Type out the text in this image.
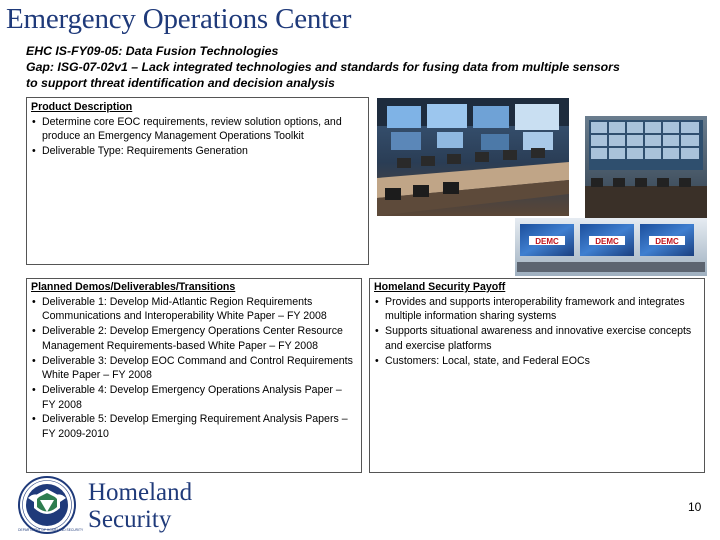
Emergency Operations Center
EHC IS-FY09-05: Data Fusion Technologies
Gap: ISG-07-02v1 – Lack integrated technologies and standards for fusing data from multiple sensors
to support threat identification and decision analysis
Product Description
• Determine core EOC requirements, review solution options, and produce an Emergency Management Operations Toolkit
• Deliverable Type: Requirements Generation
DEMC	DEMC	DEMC
Planned Demos/Deliverables/Transitions
• Deliverable 1: Develop Mid-Atlantic Region Requirements Communications and Interoperability White Paper – FY 2008
• Deliverable 2: Develop Emergency Operations Center Resource Management Requirements-based White Paper – FY 2008
• Deliverable 3: Develop EOC Command and Control Requirements White Paper – FY 2008
• Deliverable 4: Develop Emergency Operations Analysis Paper – FY 2008
• Deliverable 5: Develop Emerging Requirement Analysis Papers – FY 2009-2010
Homeland Security Payoff
• Provides and supports interoperability framework and integrates multiple information sharing systems
• Supports situational awareness and innovative exercise concepts and exercise platforms
• Customers: Local, state, and Federal EOCs
U.S. DEPARTMENT OF HOMELAND SECURITY
Homeland
Security	10
